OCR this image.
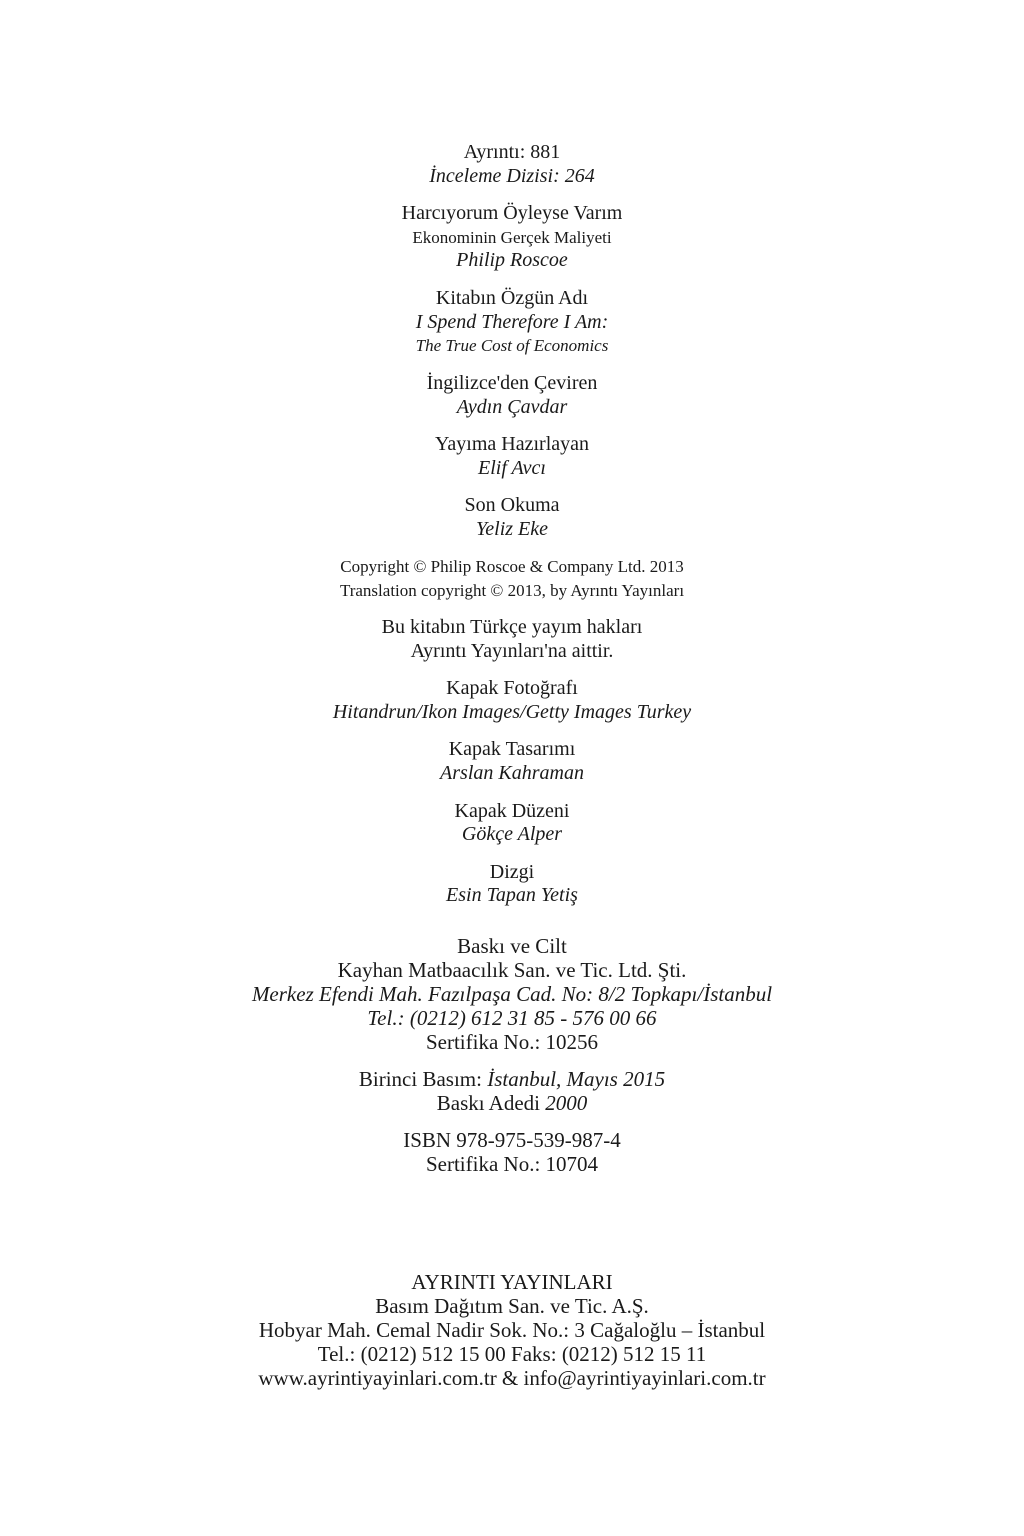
Ayrıntı: 881
İnceleme Dizisi: 264
Harcıyorum Öyleyse Varım
Ekonominin Gerçek Maliyeti
Philip Roscoe
Kitabın Özgün Adı
I Spend Therefore I Am:
The True Cost of Economics
İngilizce'den Çeviren
Aydın Çavdar
Yayıma Hazırlayan
Elif Avcı
Son Okuma
Yeliz Eke
Copyright © Philip Roscoe & Company Ltd. 2013
Translation copyright © 2013, by Ayrıntı Yayınları
Bu kitabın Türkçe yayım hakları
Ayrıntı Yayınları'na aittir.
Kapak Fotoğrafı
Hitandrun/Ikon Images/Getty Images Turkey
Kapak Tasarımı
Arslan Kahraman
Kapak Düzeni
Gökçe Alper
Dizgi
Esin Tapan Yetiş
Baskı ve Cilt
Kayhan Matbaacılık San. ve Tic. Ltd. Şti.
Merkez Efendi Mah. Fazılpaşa Cad. No: 8/2 Topkapı/İstanbul
Tel.: (0212) 612 31 85 - 576 00 66
Sertifika No.: 10256
Birinci Basım: İstanbul, Mayıs 2015
Baskı Adedi 2000
ISBN 978-975-539-987-4
Sertifika No.: 10704
AYRINTI YAYINLARI
Basım Dağıtım San. ve Tic. A.Ş.
Hobyar Mah. Cemal Nadir Sok. No.: 3 Cağaloğlu – İstanbul
Tel.: (0212) 512 15 00 Faks: (0212) 512 15 11
www.ayrintiyayinlari.com.tr & info@ayrintiyayinlari.com.tr
